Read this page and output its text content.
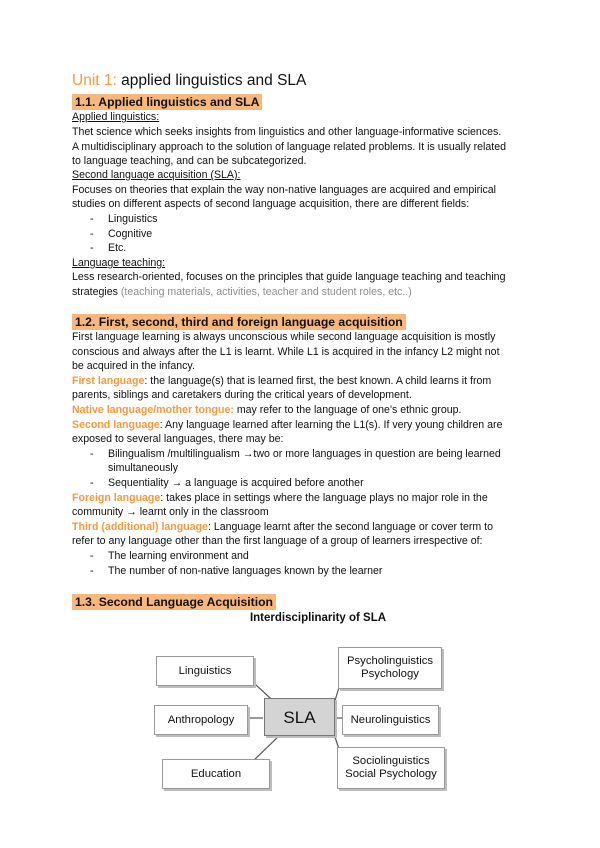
Unit 1: applied linguistics and SLA
1.1. Applied linguistics and SLA

Applied linguistics:

Thet science which seeks insights from linguistics and other language-informative sciences.

A multidisciplinary approach to the solution of language related problems. It is usually related

to language teaching, and can be subcategorized.

Second language acquisition (SLA):

Focuses on theories that explain the way non-native languages are acquired and empirical

studies on different aspects of second language acquisition, there are different fields:

- Linguistics
- Cognitive
- Etc.

Language teaching:

Less research-oriented, focuses on the principles that guide language teaching and teaching

strategies (teaching materials, activities, teacher and student roles, etc..)

1.2. First, second, third and foreign language acquisition

First language learning is always unconscious while second language acquisition is mostly

conscious and always after the L1 is learnt. While L1 is acquired in the infancy L2 might not

be acquired in the infancy.

First language: the language(s) that is learned first, the best known. A child learns it from

parents, siblings and caretakers during the critical years of development.

Native language/mother tongue: may refer to the language of one's ethnic group.

Second language: Any language learned after learning the L1(s). If very young children are

exposed to several languages, there may be:

- Bilingualism /multilingualism →two or more languages in question are being learned
simultaneously
- Sequentiality → a language is acquired before another

Foreign language: takes place in settings where the language plays no major role in the

community → learnt only in the classroom

Third (additional) language: Language learnt after the second language or cover term to

refer to any language other than the first language of a group of learners irrespective of:

- The learning environment and
- The number of non-native languages known by the learner
1.3. Second Language Acquisition
Interdisciplinarity of SLA
Linguistics
Anthropology
Education
SLA
Psycholinguistics
Psychology
Neurolinguistics
Sociolinguistics
Social Psychology
